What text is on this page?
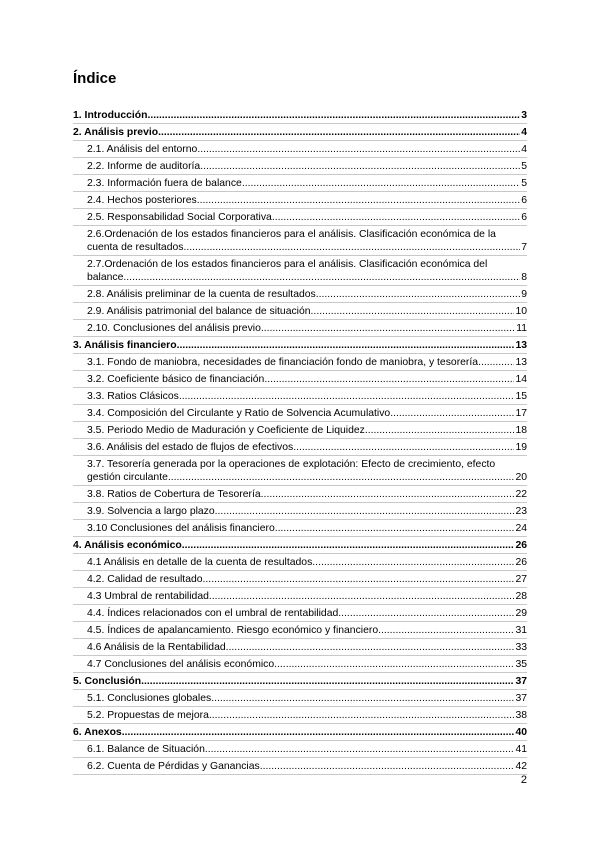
Índice
1. Introducción .....	3
2. Análisis previo. .....	4
2.1. Análisis del entorno .....	4
2.2. Informe de auditoría .....	5
2.3. Información fuera de balance .....	5
2.4. Hechos posteriores .....	6
2.5. Responsabilidad Social Corporativa .....	6
2.6.Ordenación de los estados financieros para el análisis. Clasificación económica de la
cuenta de resultados .....	7
2.7.Ordenación de los estados financieros para el análisis. Clasificación económica del
balance .....	8
2.8. Análisis preliminar de la cuenta de resultados .....	9
2.9. Análisis patrimonial del balance de situación .....	10
2.10. Conclusiones del análisis previo .....	11
3. Análisis financiero .....	13
3.1. Fondo de maniobra, necesidades de financiación fondo de maniobra, y tesorería .....	13
3.2. Coeficiente básico de financiación .....	14
3.3. Ratios Clásicos .....	15
3.4. Composición del Circulante y Ratio de Solvencia Acumulativo .....	17
3.5. Periodo Medio de Maduración y Coeficiente de Liquidez .....	18
3.6. Análisis del estado de flujos de efectivos .....	19
3.7. Tesorería generada por la operaciones de explotación: Efecto de crecimiento, efecto
gestión circulante .....	20
3.8. Ratios de Cobertura de Tesorería .....	22
3.9. Solvencia a largo plazo .....	23
3.10 Conclusiones del análisis financiero .....	24
4. Análisis económico. .....	26
4.1 Análisis en detalle de la cuenta de resultados .....	26
4.2. Calidad de resultado .....	27
4.3 Umbral de rentabilidad .....	28
4.4. Índices relacionados con el umbral de rentabilidad .....	29
4.5. Índices de apalancamiento. Riesgo económico y financiero .....	31
4.6 Análisis de la Rentabilidad .....	33
4.7 Conclusiones del análisis económico .....	35
5. Conclusión .....	37
5.1. Conclusiones globales .....	37
5.2. Propuestas de mejora .....	38
6. Anexos .....	40
6.1. Balance de Situación .....	41
6.2. Cuenta de Pérdidas y Ganancias .....	42
2
